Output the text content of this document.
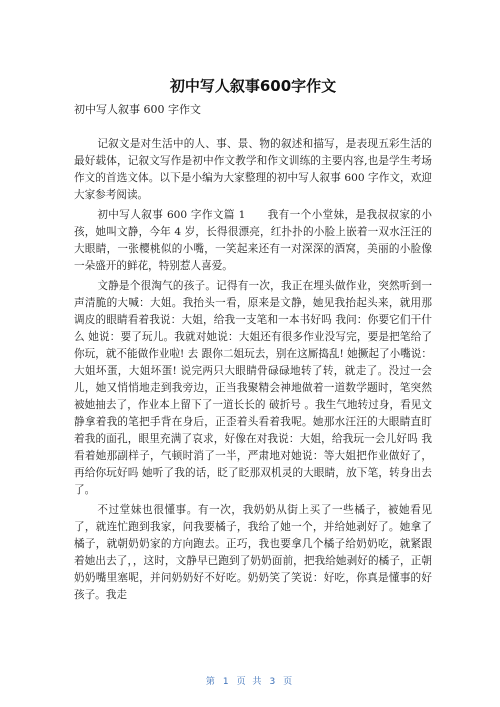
初中写人叙事600字作文
初中写人叙事 600 字作文

记叙文是对生活中的人、事、景、物的叙述和描写，是表现五彩生活的最好载体，记叙文写作是初中作文教学和作文训练的主要内容,也是学生考场作文的首选文体。以下是小编为大家整理的初中写人叙事 600 字作文，欢迎大家参考阅读。

初中写人叙事 600 字作文篇 1　　我有一个小堂妹，是我叔叔家的小孩，她叫文静，今年 4 岁，长得很漂亮，红扑扑的小脸上嵌着一双水汪汪的大眼睛，一张樱桃似的小嘴，一笑起来还有一对深深的酒窝，美丽的小脸像一朵盛开的鲜花，特别惹人喜爱。

文静是个很淘气的孩子。记得有一次，我正在埋头做作业，突然听到一声清脆的大喊：大姐。我抬头一看，原来是文静，她见我抬起头来，就用那调皮的眼睛看着我说：大姐，给我一支笔和一本书好吗 我问：你要它们干什么 她说：要了玩儿。我就对她说：大姐还有很多作业没写完，要是把笔给了你玩，就不能做作业啦! 去 跟你二姐玩去，别在这厮捣乱! 她撅起了小嘴说：大姐坏蛋，大姐坏蛋! 说完两只大眼睛骨碌碌地转了转，就走了。没过一会儿，她又悄悄地走到我旁边，正当我聚精会神地做着一道数学题时，笔突然被她抽去了，作业本上留下了一道长长的 破折号 。我生气地转过身，看见文静拿着我的笔把手背在身后，正歪着头看着我呢。她那水汪汪的大眼睛直盯着我的面孔，眼里充满了哀求，好像在对我说：大姐，给我玩一会儿好吗 我看着她那副样子，气顿时消了一半，严肃地对她说：等大姐把作业做好了，再给你玩好吗 她听了我的话，眨了眨那双机灵的大眼睛，放下笔，转身出去了。

不过堂妹也很懂事。有一次，我奶奶从街上买了一些橘子，被她看见了，就连忙跑到我家，问我要橘子，我给了她一个，并给她剥好了。她拿了橘子，就朝奶奶家的方向跑去。正巧，我也要拿几个橘子给奶奶吃，就紧跟着她出去了，，这时，文静早已跑到了奶奶面前，把我给她剥好的橘子，正朝奶奶嘴里塞呢，并问奶奶好不好吃。奶奶笑了笑说：好吃，你真是懂事的好孩子。我走

第 1 页 共 3 页
